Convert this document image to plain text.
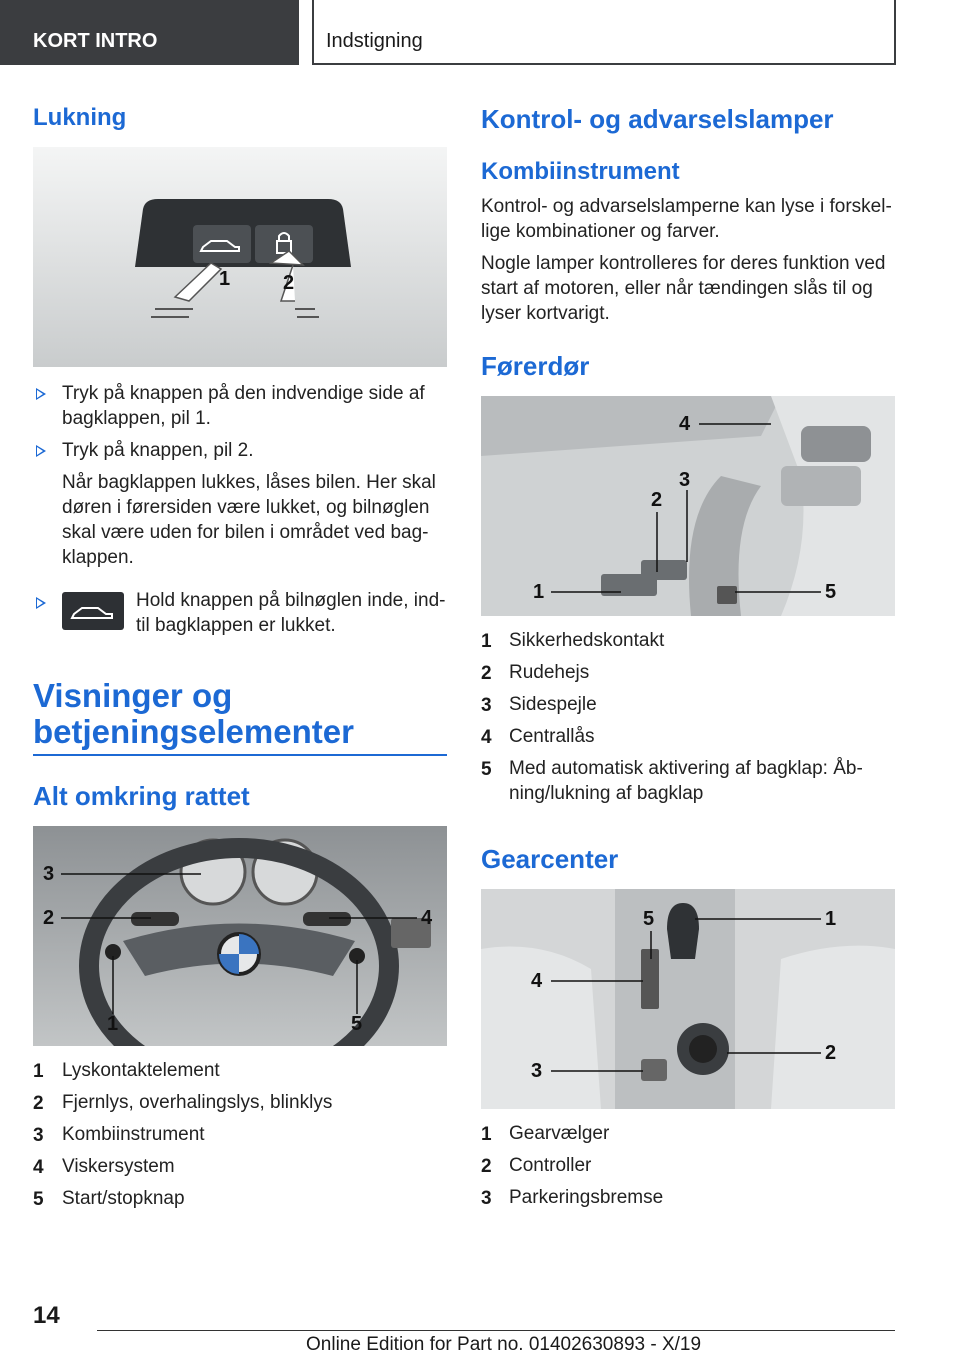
KORT INTRO	Indstigning
Lukning
1	2
Tryk på knappen på den indvendige side af
bagklappen, pil 1.
Tryk på knappen, pil 2.
Når bagklappen lukkes, låses bilen. Her skal
døren i førersiden være lukket, og bilnøglen
skal være uden for bilen i området ved bag-
klappen.
Hold knappen på bilnøglen inde, ind-
til bagklappen er lukket.
Visninger og
betjeningselementer
Alt omkring rattet
3
2
1
4
5
1 Lyskontaktelement
2 Fjernlys, overhalingslys, blinklys
3 Kombiinstrument
4 Viskersystem
5 Start/stopknap
Kontrol- og advarselslamper
Kombiinstrument
Kontrol- og advarselslamperne kan lyse i forskel-
lige kombinationer og farver.
Nogle lamper kontrolleres for deres funktion ved
start af motoren, eller når tændingen slås til og
lyser kortvarigt.
Førerdør
1
2
3
4
5
1 Sikkerhedskontakt
2 Rudehejs
3 Sidespejle
4 Centrallås
5 Med automatisk aktivering af bagklap: Åb-
ning/lukning af bagklap
Gearcenter
5	1
4
2
3
1 Gearvælger
2 Controller
3 Parkeringsbremse
14
Online Edition for Part no. 01402630893 - X/19
